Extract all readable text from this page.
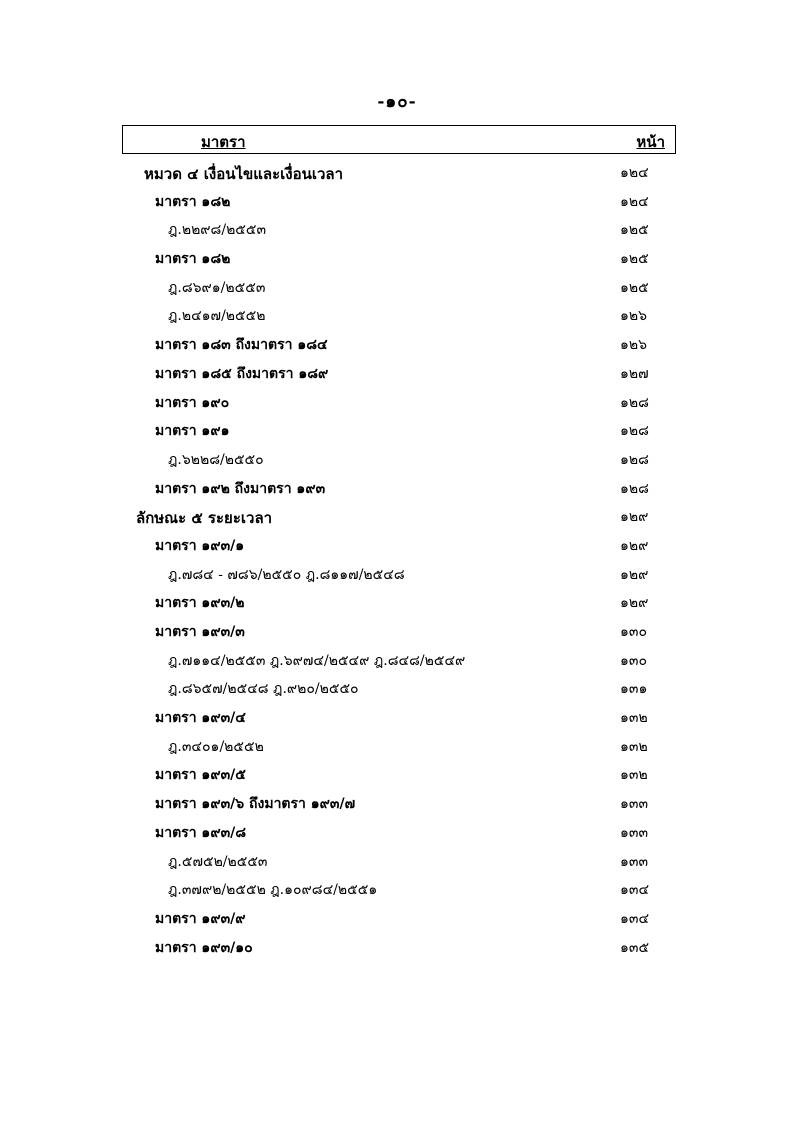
-๑๐-
มาตรา	หน้า
หมวด ๔ เงื่อนไขและเงื่อนเวลา	๑๒๔
มาตรา ๑๘๒	๑๒๔
ฎ.๒๒๙๘/๒๕๕๓	๑๒๕
มาตรา ๑๘๒	๑๒๕
ฎ.๘๖๙๑/๒๕๕๓	๑๒๕
ฎ.๒๔๑๗/๒๕๕๒	๑๒๖
มาตรา ๑๘๓ ถึงมาตรา ๑๘๔	๑๒๖
มาตรา ๑๘๕ ถึงมาตรา ๑๘๙	๑๒๗
มาตรา ๑๙๐	๑๒๘
มาตรา ๑๙๑	๑๒๘
ฎ.๖๒๒๘/๒๕๕๐	๑๒๘
มาตรา ๑๙๒ ถึงมาตรา ๑๙๓	๑๒๘
ลักษณะ ๕ ระยะเวลา	๑๒๙
มาตรา ๑๙๓/๑	๑๒๙
ฎ.๗๘๔ - ๗๘๖/๒๕๕๐ ฎ.๘๑๑๗/๒๕๔๘	๑๒๙
มาตรา ๑๙๓/๒	๑๒๙
มาตรา ๑๙๓/๓	๑๓๐
ฎ.๗๑๑๔/๒๕๕๓ ฎ.๖๙๗๔/๒๕๔๙ ฎ.๘๔๘/๒๕๔๙	๑๓๐
ฎ.๘๖๕๗/๒๕๔๘ ฎ.๙๒๐/๒๕๕๐	๑๓๑
มาตรา ๑๙๓/๔	๑๓๒
ฎ.๓๔๐๑/๒๕๕๒	๑๓๒
มาตรา ๑๙๓/๕	๑๓๒
มาตรา ๑๙๓/๖ ถึงมาตรา ๑๙๓/๗	๑๓๓
มาตรา ๑๙๓/๘	๑๓๓
ฎ.๕๗๕๒/๒๕๕๓	๑๓๓
ฎ.๓๗๙๒/๒๕๕๒ ฎ.๑๐๙๘๔/๒๕๕๑	๑๓๔
มาตรา ๑๙๓/๙	๑๓๔
มาตรา ๑๙๓/๑๐	๑๓๕
